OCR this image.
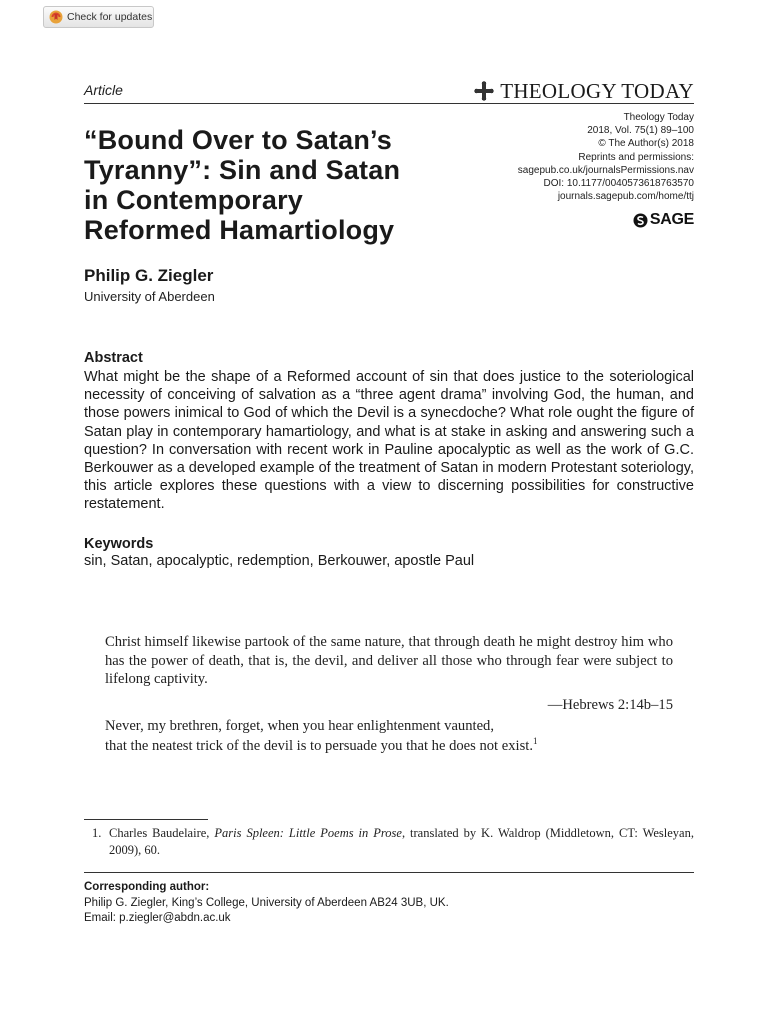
Check for updates
Article	THEOLOGY TODAY
Theology Today
2018, Vol. 75(1) 89–100
© The Author(s) 2018
Reprints and permissions:
sagepub.co.uk/journalsPermissions.nav
DOI: 10.1177/0040573618763570
journals.sagepub.com/home/ttj
SAGE
“Bound Over to Satan’s
Tyranny”: Sin and Satan
in Contemporary
Reformed Hamartiology
Philip G. Ziegler
University of Aberdeen
Abstract

What might be the shape of a Reformed account of sin that does justice to the soteriological necessity of conceiving of salvation as a “three agent drama” involving God, the human, and those powers inimical to God of which the Devil is a synecdoche? What role ought the figure of Satan play in contemporary hamartiology, and what is at stake in asking and answering such a question? In conversation with recent work in Pauline apocalyptic as well as the work of G.C. Berkouwer as a developed example of the treatment of Satan in modern Protestant soteriology, this article explores these questions with a view to discerning possibilities for constructive restatement.

Keywords
sin, Satan, apocalyptic, redemption, Berkouwer, apostle Paul

Christ himself likewise partook of the same nature, that through death he might destroy him who has the power of death, that is, the devil, and deliver all those who through fear were subject to lifelong captivity.

—Hebrews 2:14b–15
Never, my brethren, forget, when you hear enlightenment vaunted,
that the neatest trick of the devil is to persuade you that he does not exist.$^1$
1. Charles Baudelaire, Paris Spleen: Little Poems in Prose, translated by K. Waldrop (Middletown, CT: Wesleyan, 2009), 60.
Corresponding author:
Philip G. Ziegler, King’s College, University of Aberdeen AB24 3UB, UK.
Email: p.ziegler@abdn.ac.uk
